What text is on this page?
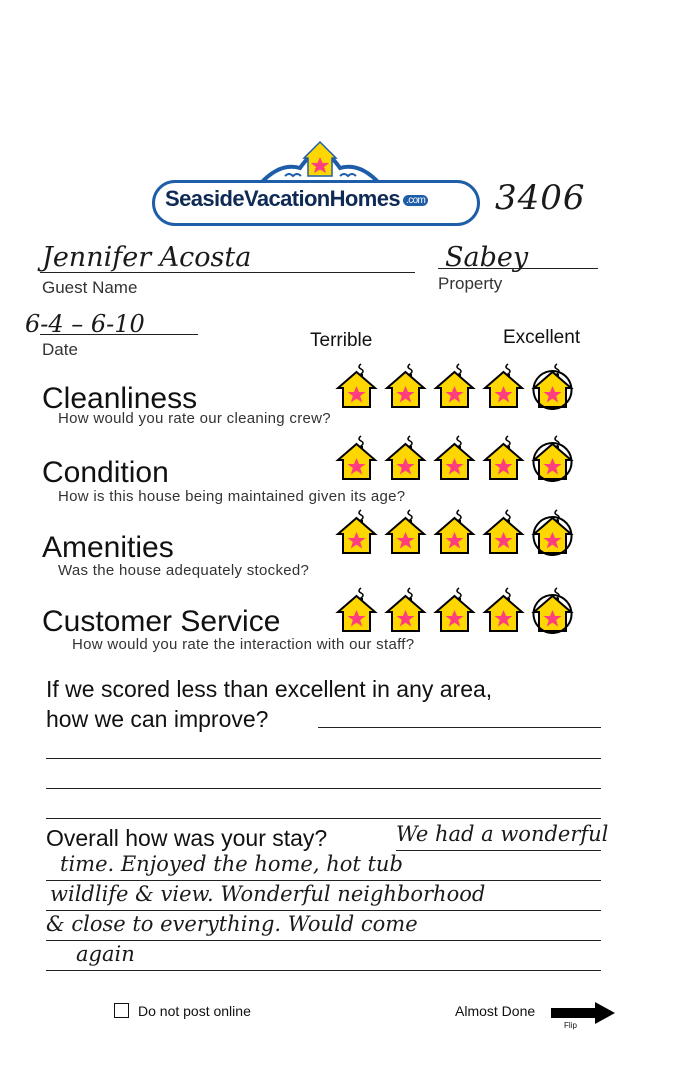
SeasideVacationHomes .com 3406
Jennifer Acosta
Guest Name
Sabey
Property
6-4 – 6-10
Date	Terrible	Excellent
Cleanliness
How would you rate our cleaning crew?
Condition
How is this house being maintained given its age?
Amenities
Was the house adequately stocked?
Customer Service
How would you rate the interaction with our staff?
If we scored less than excellent in any area,
how we can improve?
Overall how was your stay?	We had a wonderful
time. Enjoyed the home, hot tub
wildlife & view. Wonderful neighborhood
& close to everything. Would come
again
Do not post online	Almost Done
Flip
